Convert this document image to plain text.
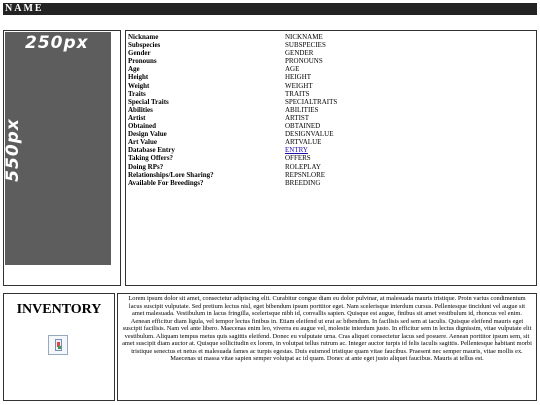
NAME
250px
550px
Nickname	NICKNAME
Subspecies	SUBSPECIES
Gender	GENDER
Pronouns	PRONOUNS
Age	AGE
Height	HEIGHT
Weight	WEIGHT
Traits	TRAITS
Special Traits	SPECIALTRAITS
Abilities	ABILITIES
Artist	ARTIST
Obtained	OBTAINED
Design Value	DESIGNVALUE
Art Value	ARTVALUE
Database Entry	ENTRY
Taking Offers?	OFFERS
Doing RPs?	ROLEPLAY
Relationships/Lore Sharing?	REPSNLORE
Available For Breedings?	BREEDING
INVENTORY

Lorem ipsum dolor sit amet, consectetur adipiscing elit. Curabitur congue diam eu dolor pulvinar, at malesuada mauris tristique. Proin varius condimentum lacus suscipit vulputate. Sed pretium lectus nisl, eget bibendum ipsum porttitor eget. Nam scelerisque interdum cursus. Pellentesque tincidunt vel augue sit amet malesuada. Vestibulum in lacus fringilla, scelerisque nibh id, convallis sapien. Quisque est augue, finibus sit amet vestibulum id, rhoncus vel enim. Aenean efficitur diam ligula, vel tempor lectus finibus in. Etiam eleifend ut erat ac bibendum. In facilisis sed sem at iaculis. Quisque eleifend mauris eget suscipit facilisis. Nam vel ante libero. Maecenas enim leo, viverra eu augue vel, molestie interdum justo. In efficitur sem in lectus dignissim, vitae vulputate elit vestibulum. Aliquam tempus metus quis sagittis eleifend. Donec eu vulputate urna. Cras aliquet consectetur lacus sed posuere. Aenean porttitor ipsum sem, sit amet suscipit diam auctor at. Quisque sollicitudin ex lorem, in volutpat tellus rutrum ac. Integer auctor turpis id felis iaculis sagittis. Pellentesque habitant morbi tristique senectus et netus et malesuada fames ac turpis egestas. Duis euismod tristique quam vitae faucibus. Praesent nec semper mauris, vitae mollis ex. Maecenas ut massa vitae sapien semper volutpat ac id quam. Donec at ante eget justo aliquet faucibus. Mauris at tellus est.
